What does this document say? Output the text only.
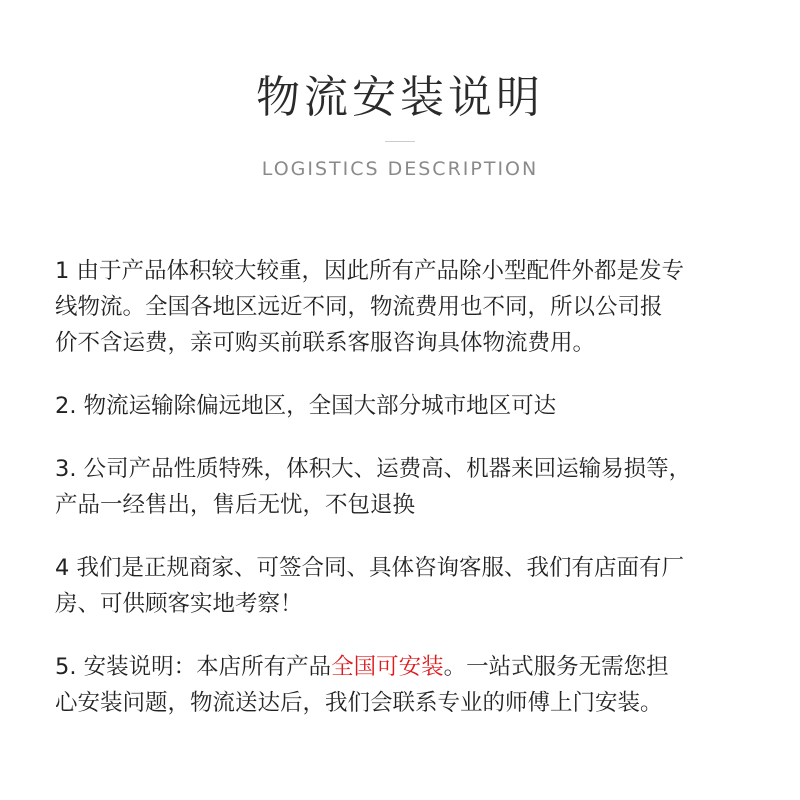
物流安装说明
LOGISTICS DESCRIPTION

1 由于产品体积较大较重，因此所有产品除小型配件外都是发专
线物流。全国各地区远近不同，物流费用也不同，所以公司报
价不含运费，亲可购买前联系客服咨询具体物流费用。

2. 物流运输除偏远地区，全国大部分城市地区可达

3. 公司产品性质特殊，体积大、运费高、机器来回运输易损等，
产品一经售出，售后无忧，不包退换

4 我们是正规商家、可签合同、具体咨询客服、我们有店面有厂
房、可供顾客实地考察！

5. 安装说明：本店所有产品全国可安装。一站式服务无需您担
心安装问题，物流送达后，我们会联系专业的师傅上门安装。
